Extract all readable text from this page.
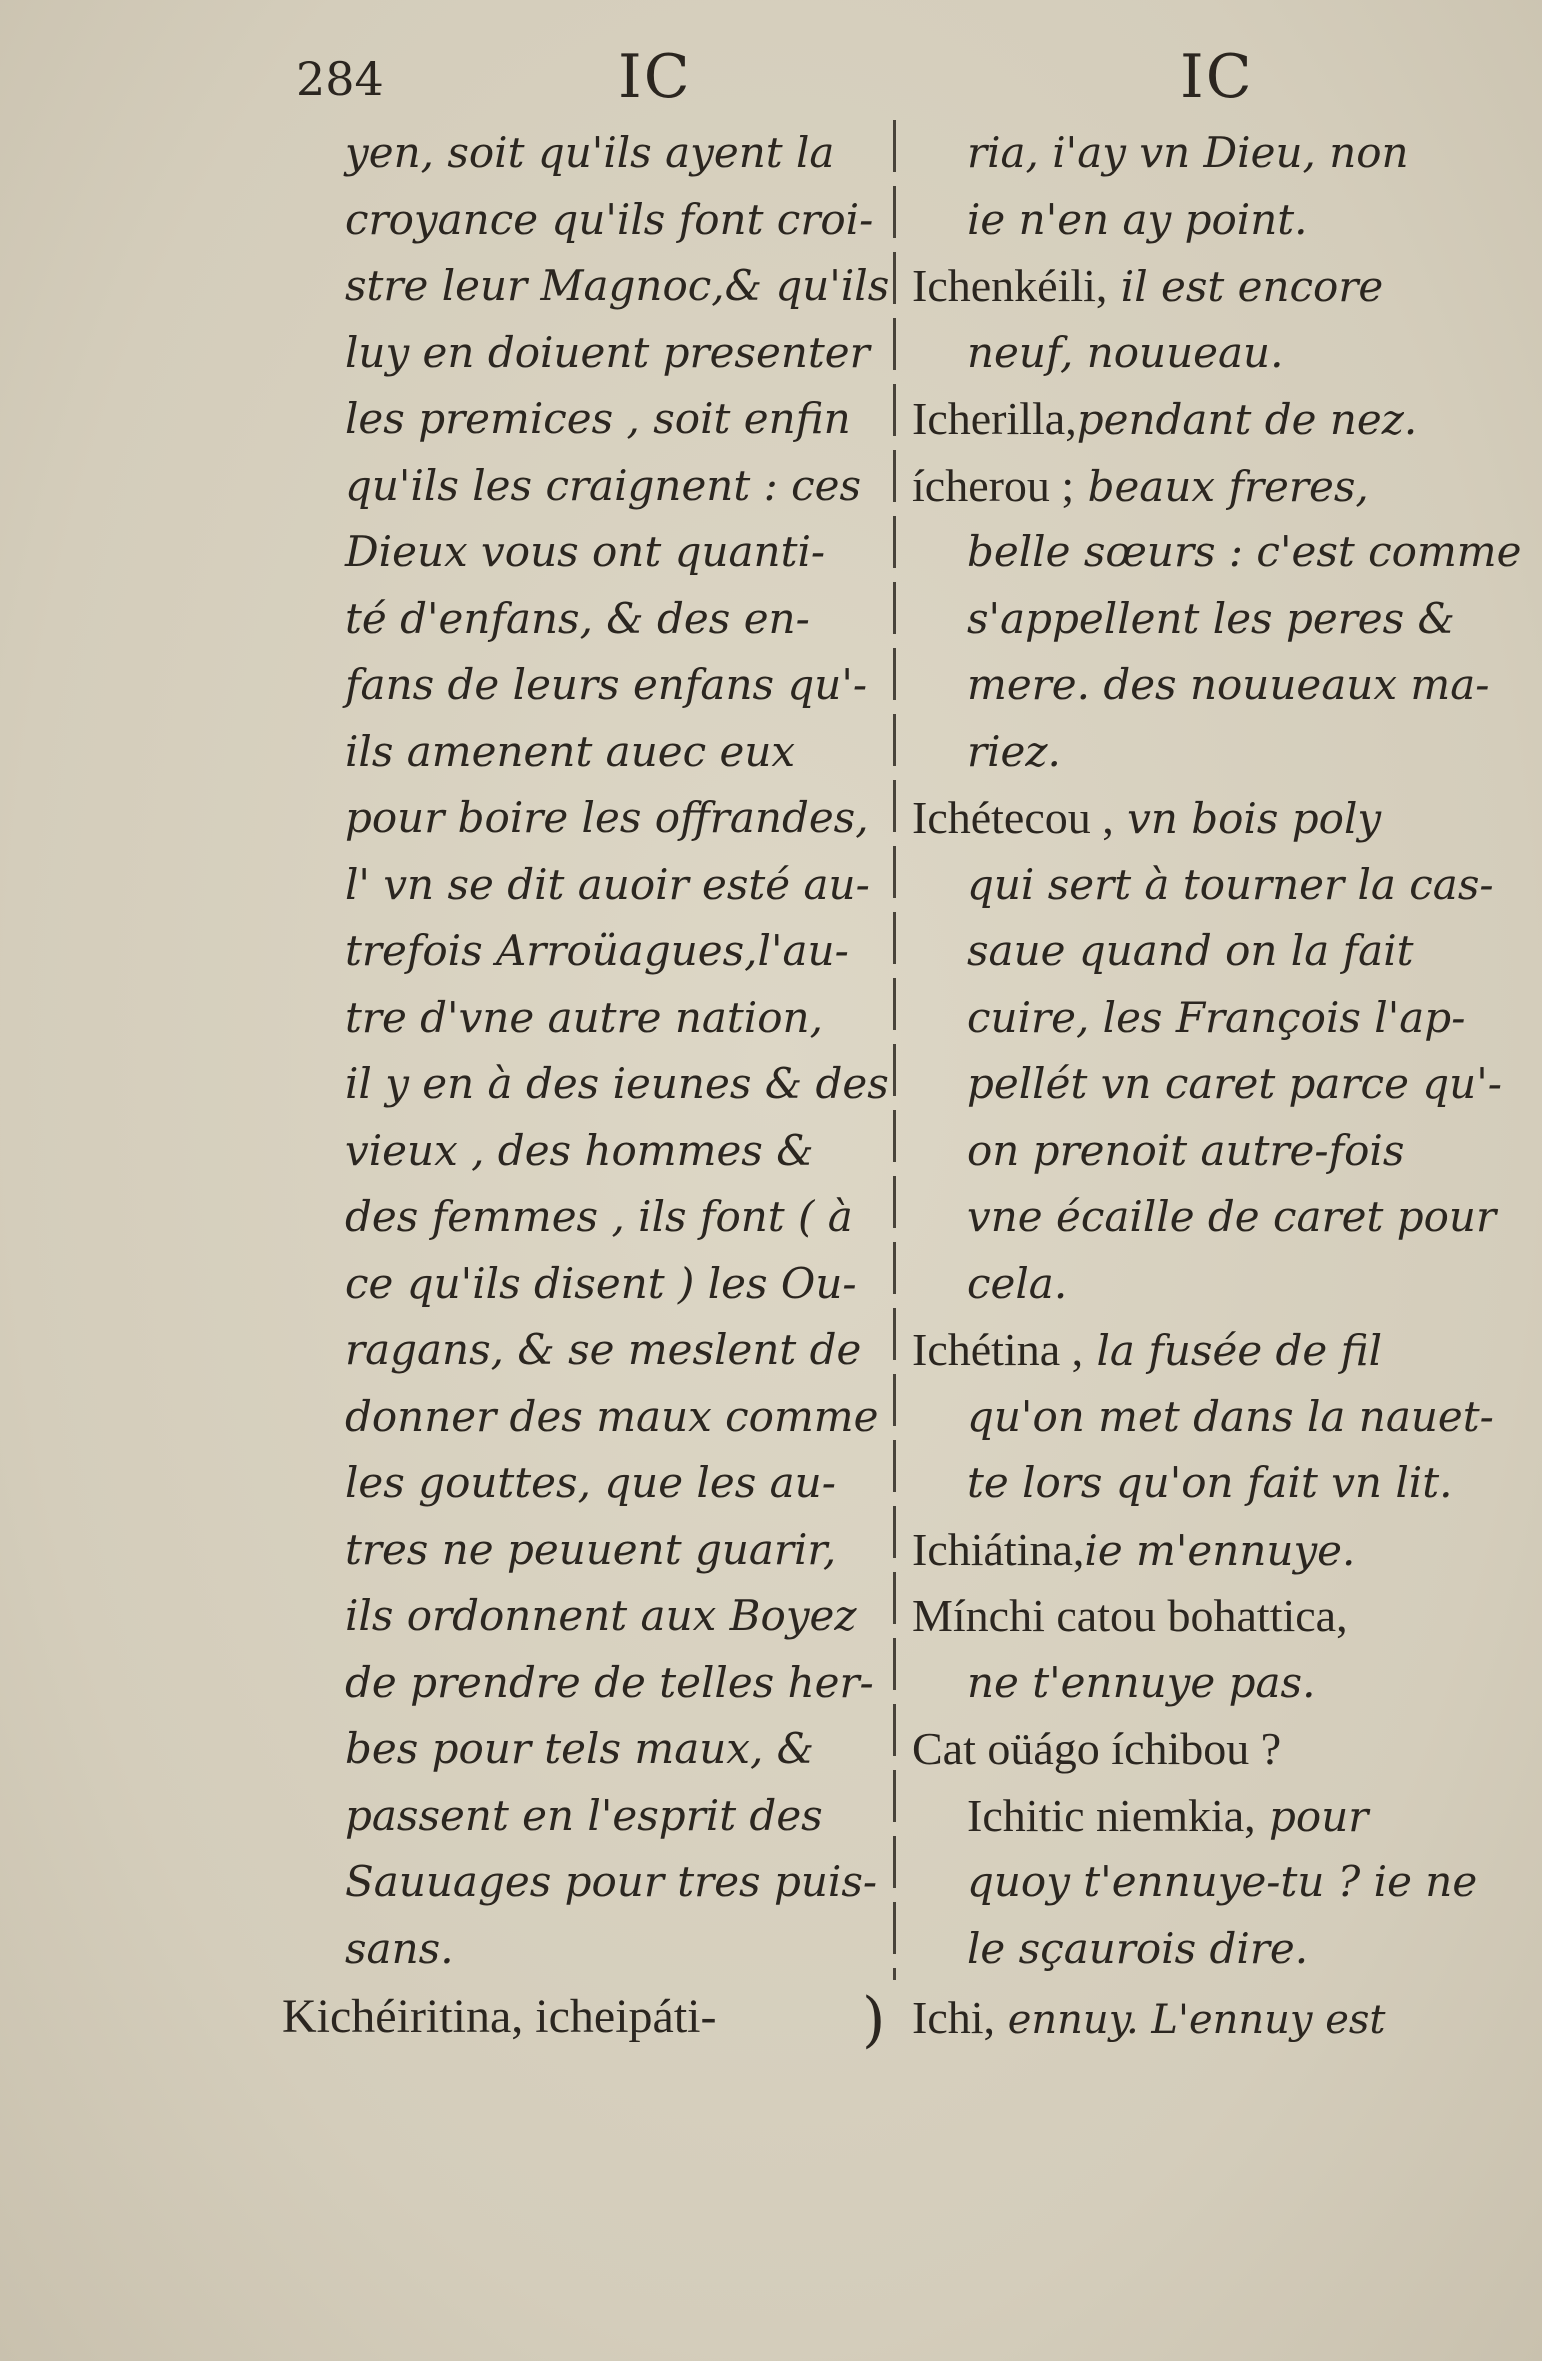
284	IC	IC
yen, soit qu'ils ayent la
croyance qu'ils font croi-
stre leur Magnoc,& qu'ils
luy en doiuent presenter
les premices , soit enfin
qu'ils les craignent : ces
Dieux vous ont quanti-
té d'enfans, & des en-
fans de leurs enfans qu'-
ils amenent auec eux
pour boire les offrandes,
l' vn se dit auoir esté au-
trefois Arroüagues,l'au-
tre d'vne autre nation,
il y en à des ieunes & des
vieux , des hommes &
des femmes , ils font ( à
ce qu'ils disent ) les Ou-
ragans, & se meslent de
donner des maux comme
les gouttes, que les au-
tres ne peuuent guarir,
ils ordonnent aux Boyez
de prendre de telles her-
bes pour tels maux, &
passent en l'esprit des
Sauuages pour tres puis-
sans.
ria, i'ay vn Dieu, non
ie n'en ay point.
Ichenkéili, il est encore
neuf, nouueau.
Icherilla,pendant de nez.
ícherou ; beaux freres,
belle sœurs : c'est comme
s'appellent les peres &
mere. des nouueaux ma-
riez.
Ichétecou , vn bois poly
qui sert à tourner la cas-
saue quand on la fait
cuire, les François l'ap-
pellét vn caret parce qu'-
on prenoit autre-fois
vne écaille de caret pour
cela.
Ichétina , la fusée de fil
qu'on met dans la nauet-
te lors qu'on fait vn lit.
Ichiátina,ie m'ennuye.
Mínchi catou bohattica,
ne t'ennuye pas.
Cat oüágo íchibou ?
Ichitic niemkia, pour
quoy t'ennuye-tu ? ie ne
le sçaurois dire.
Kichéiritina, icheipáti- ) Ichi, ennuy. L'ennuy est
